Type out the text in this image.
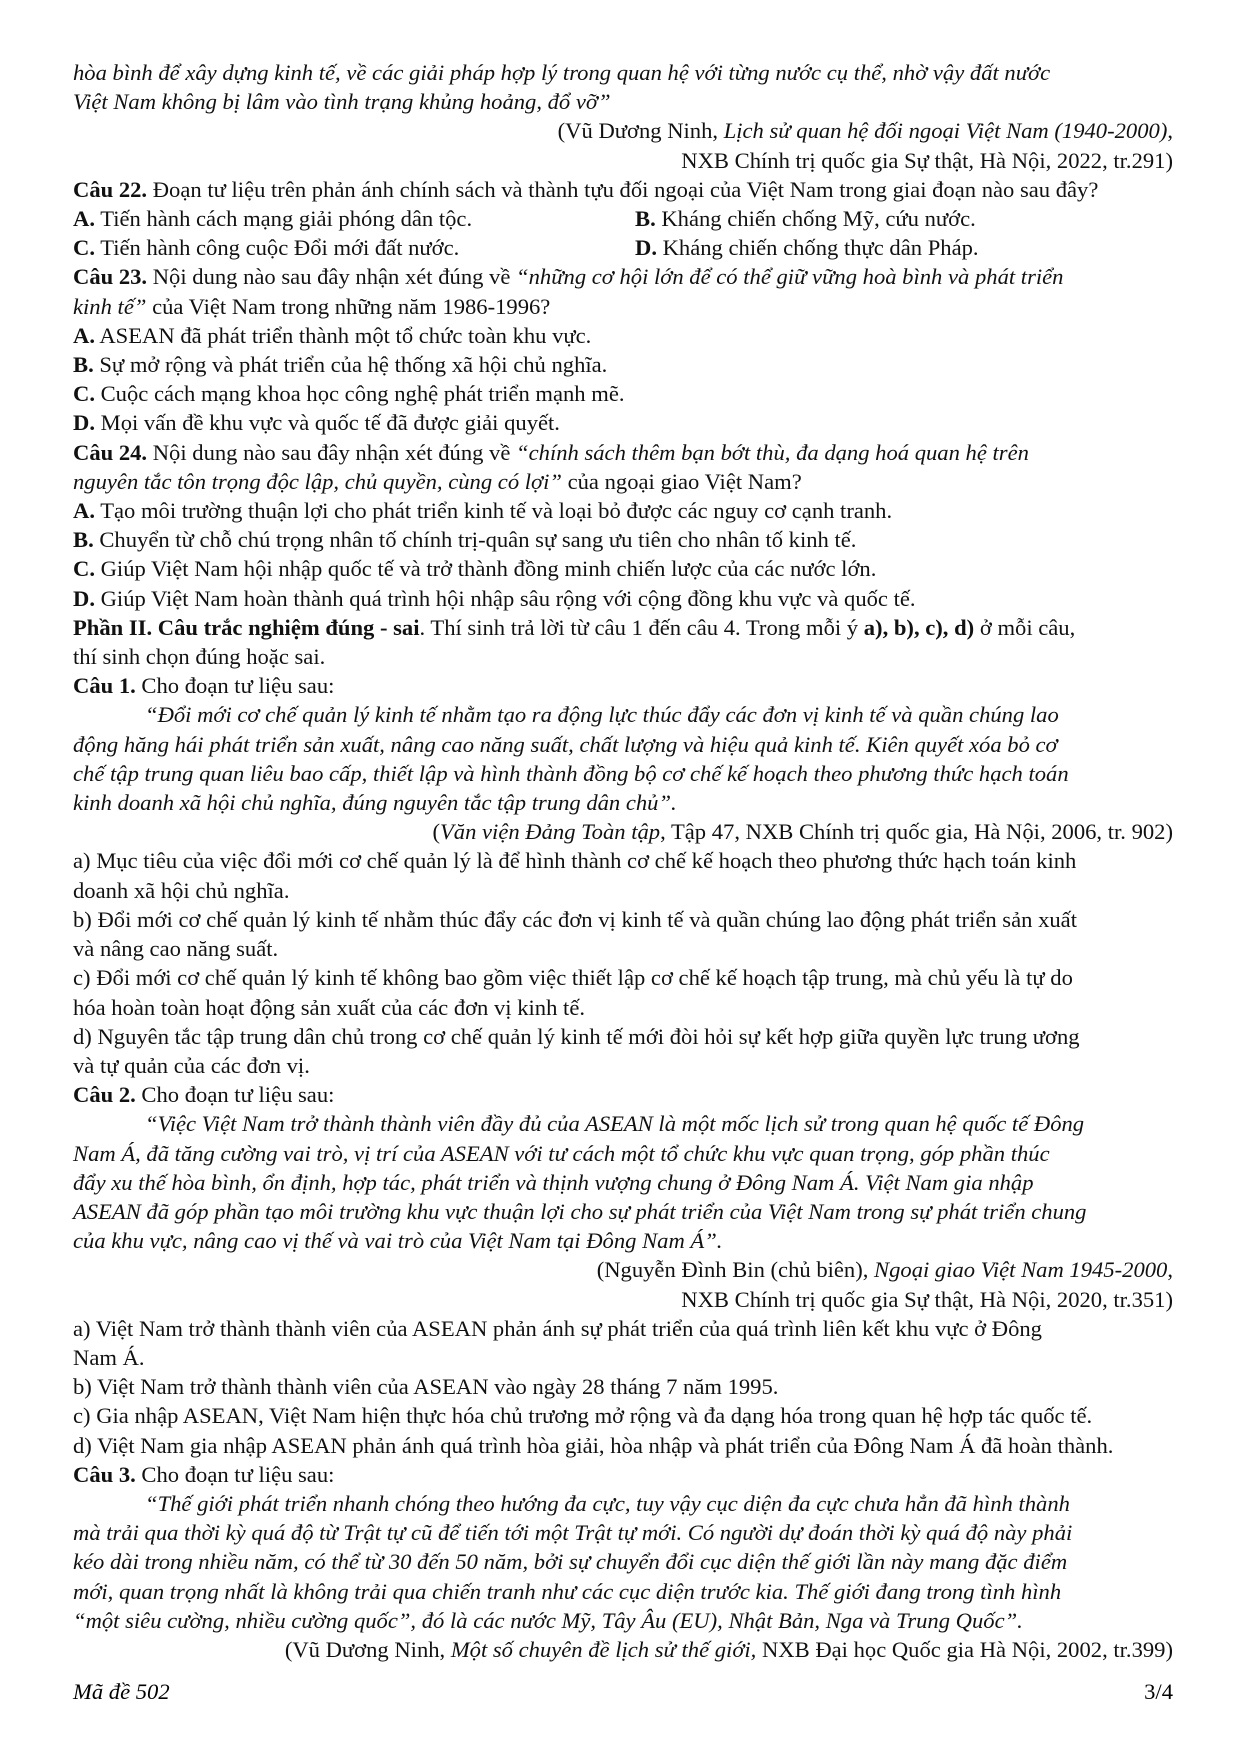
hòa bình để xây dựng kinh tế, về các giải pháp hợp lý trong quan hệ với từng nước cụ thể, nhờ vậy đất nước
Việt Nam không bị lâm vào tình trạng khủng hoảng, đổ vỡ”
(Vũ Dương Ninh, Lịch sử quan hệ đối ngoại Việt Nam (1940-2000),
NXB Chính trị quốc gia Sự thật, Hà Nội, 2022, tr.291)
Câu 22. Đoạn tư liệu trên phản ánh chính sách và thành tựu đối ngoại của Việt Nam trong giai đoạn nào sau đây?
A. Tiến hành cách mạng giải phóng dân tộc.	B. Kháng chiến chống Mỹ, cứu nước.
C. Tiến hành công cuộc Đổi mới đất nước.	D. Kháng chiến chống thực dân Pháp.
Câu 23. Nội dung nào sau đây nhận xét đúng về “những cơ hội lớn để có thể giữ vững hoà bình và phát triển
kinh tế” của Việt Nam trong những năm 1986-1996?
A. ASEAN đã phát triển thành một tổ chức toàn khu vực.
B. Sự mở rộng và phát triển của hệ thống xã hội chủ nghĩa.
C. Cuộc cách mạng khoa học công nghệ phát triển mạnh mẽ.
D. Mọi vấn đề khu vực và quốc tế đã được giải quyết.
Câu 24. Nội dung nào sau đây nhận xét đúng về “chính sách thêm bạn bớt thù, đa dạng hoá quan hệ trên
nguyên tắc tôn trọng độc lập, chủ quyền, cùng có lợi” của ngoại giao Việt Nam?
A. Tạo môi trường thuận lợi cho phát triển kinh tế và loại bỏ được các nguy cơ cạnh tranh.
B. Chuyển từ chỗ chú trọng nhân tố chính trị-quân sự sang ưu tiên cho nhân tố kinh tế.
C. Giúp Việt Nam hội nhập quốc tế và trở thành đồng minh chiến lược của các nước lớn.
D. Giúp Việt Nam hoàn thành quá trình hội nhập sâu rộng với cộng đồng khu vực và quốc tế.
Phần II. Câu trắc nghiệm đúng - sai. Thí sinh trả lời từ câu 1 đến câu 4. Trong mỗi ý a), b), c), d) ở mỗi câu,
thí sinh chọn đúng hoặc sai.
Câu 1. Cho đoạn tư liệu sau:
“Đổi mới cơ chế quản lý kinh tế nhằm tạo ra động lực thúc đẩy các đơn vị kinh tế và quần chúng lao
động hăng hái phát triển sản xuất, nâng cao năng suất, chất lượng và hiệu quả kinh tế. Kiên quyết xóa bỏ cơ
chế tập trung quan liêu bao cấp, thiết lập và hình thành đồng bộ cơ chế kế hoạch theo phương thức hạch toán
kinh doanh xã hội chủ nghĩa, đúng nguyên tắc tập trung dân chủ”.
(Văn viện Đảng Toàn tập, Tập 47, NXB Chính trị quốc gia, Hà Nội, 2006, tr. 902)
a) Mục tiêu của việc đổi mới cơ chế quản lý là để hình thành cơ chế kế hoạch theo phương thức hạch toán kinh
doanh xã hội chủ nghĩa.
b) Đổi mới cơ chế quản lý kinh tế nhằm thúc đẩy các đơn vị kinh tế và quần chúng lao động phát triển sản xuất
và nâng cao năng suất.
c) Đổi mới cơ chế quản lý kinh tế không bao gồm việc thiết lập cơ chế kế hoạch tập trung, mà chủ yếu là tự do
hóa hoàn toàn hoạt động sản xuất của các đơn vị kinh tế.
d) Nguyên tắc tập trung dân chủ trong cơ chế quản lý kinh tế mới đòi hỏi sự kết hợp giữa quyền lực trung ương
và tự quản của các đơn vị.
Câu 2. Cho đoạn tư liệu sau:
“Việc Việt Nam trở thành thành viên đầy đủ của ASEAN là một mốc lịch sử trong quan hệ quốc tế Đông
Nam Á, đã tăng cường vai trò, vị trí của ASEAN với tư cách một tổ chức khu vực quan trọng, góp phần thúc
đẩy xu thế hòa bình, ổn định, hợp tác, phát triển và thịnh vượng chung ở Đông Nam Á. Việt Nam gia nhập
ASEAN đã góp phần tạo môi trường khu vực thuận lợi cho sự phát triển của Việt Nam trong sự phát triển chung
của khu vực, nâng cao vị thế và vai trò của Việt Nam tại Đông Nam Á”.
(Nguyễn Đình Bin (chủ biên), Ngoại giao Việt Nam 1945-2000,
NXB Chính trị quốc gia Sự thật, Hà Nội, 2020, tr.351)
a) Việt Nam trở thành thành viên của ASEAN phản ánh sự phát triển của quá trình liên kết khu vực ở Đông
Nam Á.
b) Việt Nam trở thành thành viên của ASEAN vào ngày 28 tháng 7 năm 1995.
c) Gia nhập ASEAN, Việt Nam hiện thực hóa chủ trương mở rộng và đa dạng hóa trong quan hệ hợp tác quốc tế.
d) Việt Nam gia nhập ASEAN phản ánh quá trình hòa giải, hòa nhập và phát triển của Đông Nam Á đã hoàn thành.
Câu 3. Cho đoạn tư liệu sau:
“Thế giới phát triển nhanh chóng theo hướng đa cực, tuy vậy cục diện đa cực chưa hẳn đã hình thành
mà trải qua thời kỳ quá độ từ Trật tự cũ để tiến tới một Trật tự mới. Có người dự đoán thời kỳ quá độ này phải
kéo dài trong nhiều năm, có thể từ 30 đến 50 năm, bởi sự chuyển đổi cục diện thế giới lần này mang đặc điểm
mới, quan trọng nhất là không trải qua chiến tranh như các cục diện trước kia. Thế giới đang trong tình hình
“một siêu cường, nhiều cường quốc”, đó là các nước Mỹ, Tây Âu (EU), Nhật Bản, Nga và Trung Quốc”.
(Vũ Dương Ninh, Một số chuyên đề lịch sử thế giới, NXB Đại học Quốc gia Hà Nội, 2002, tr.399)
Mã đề 502	3/4
